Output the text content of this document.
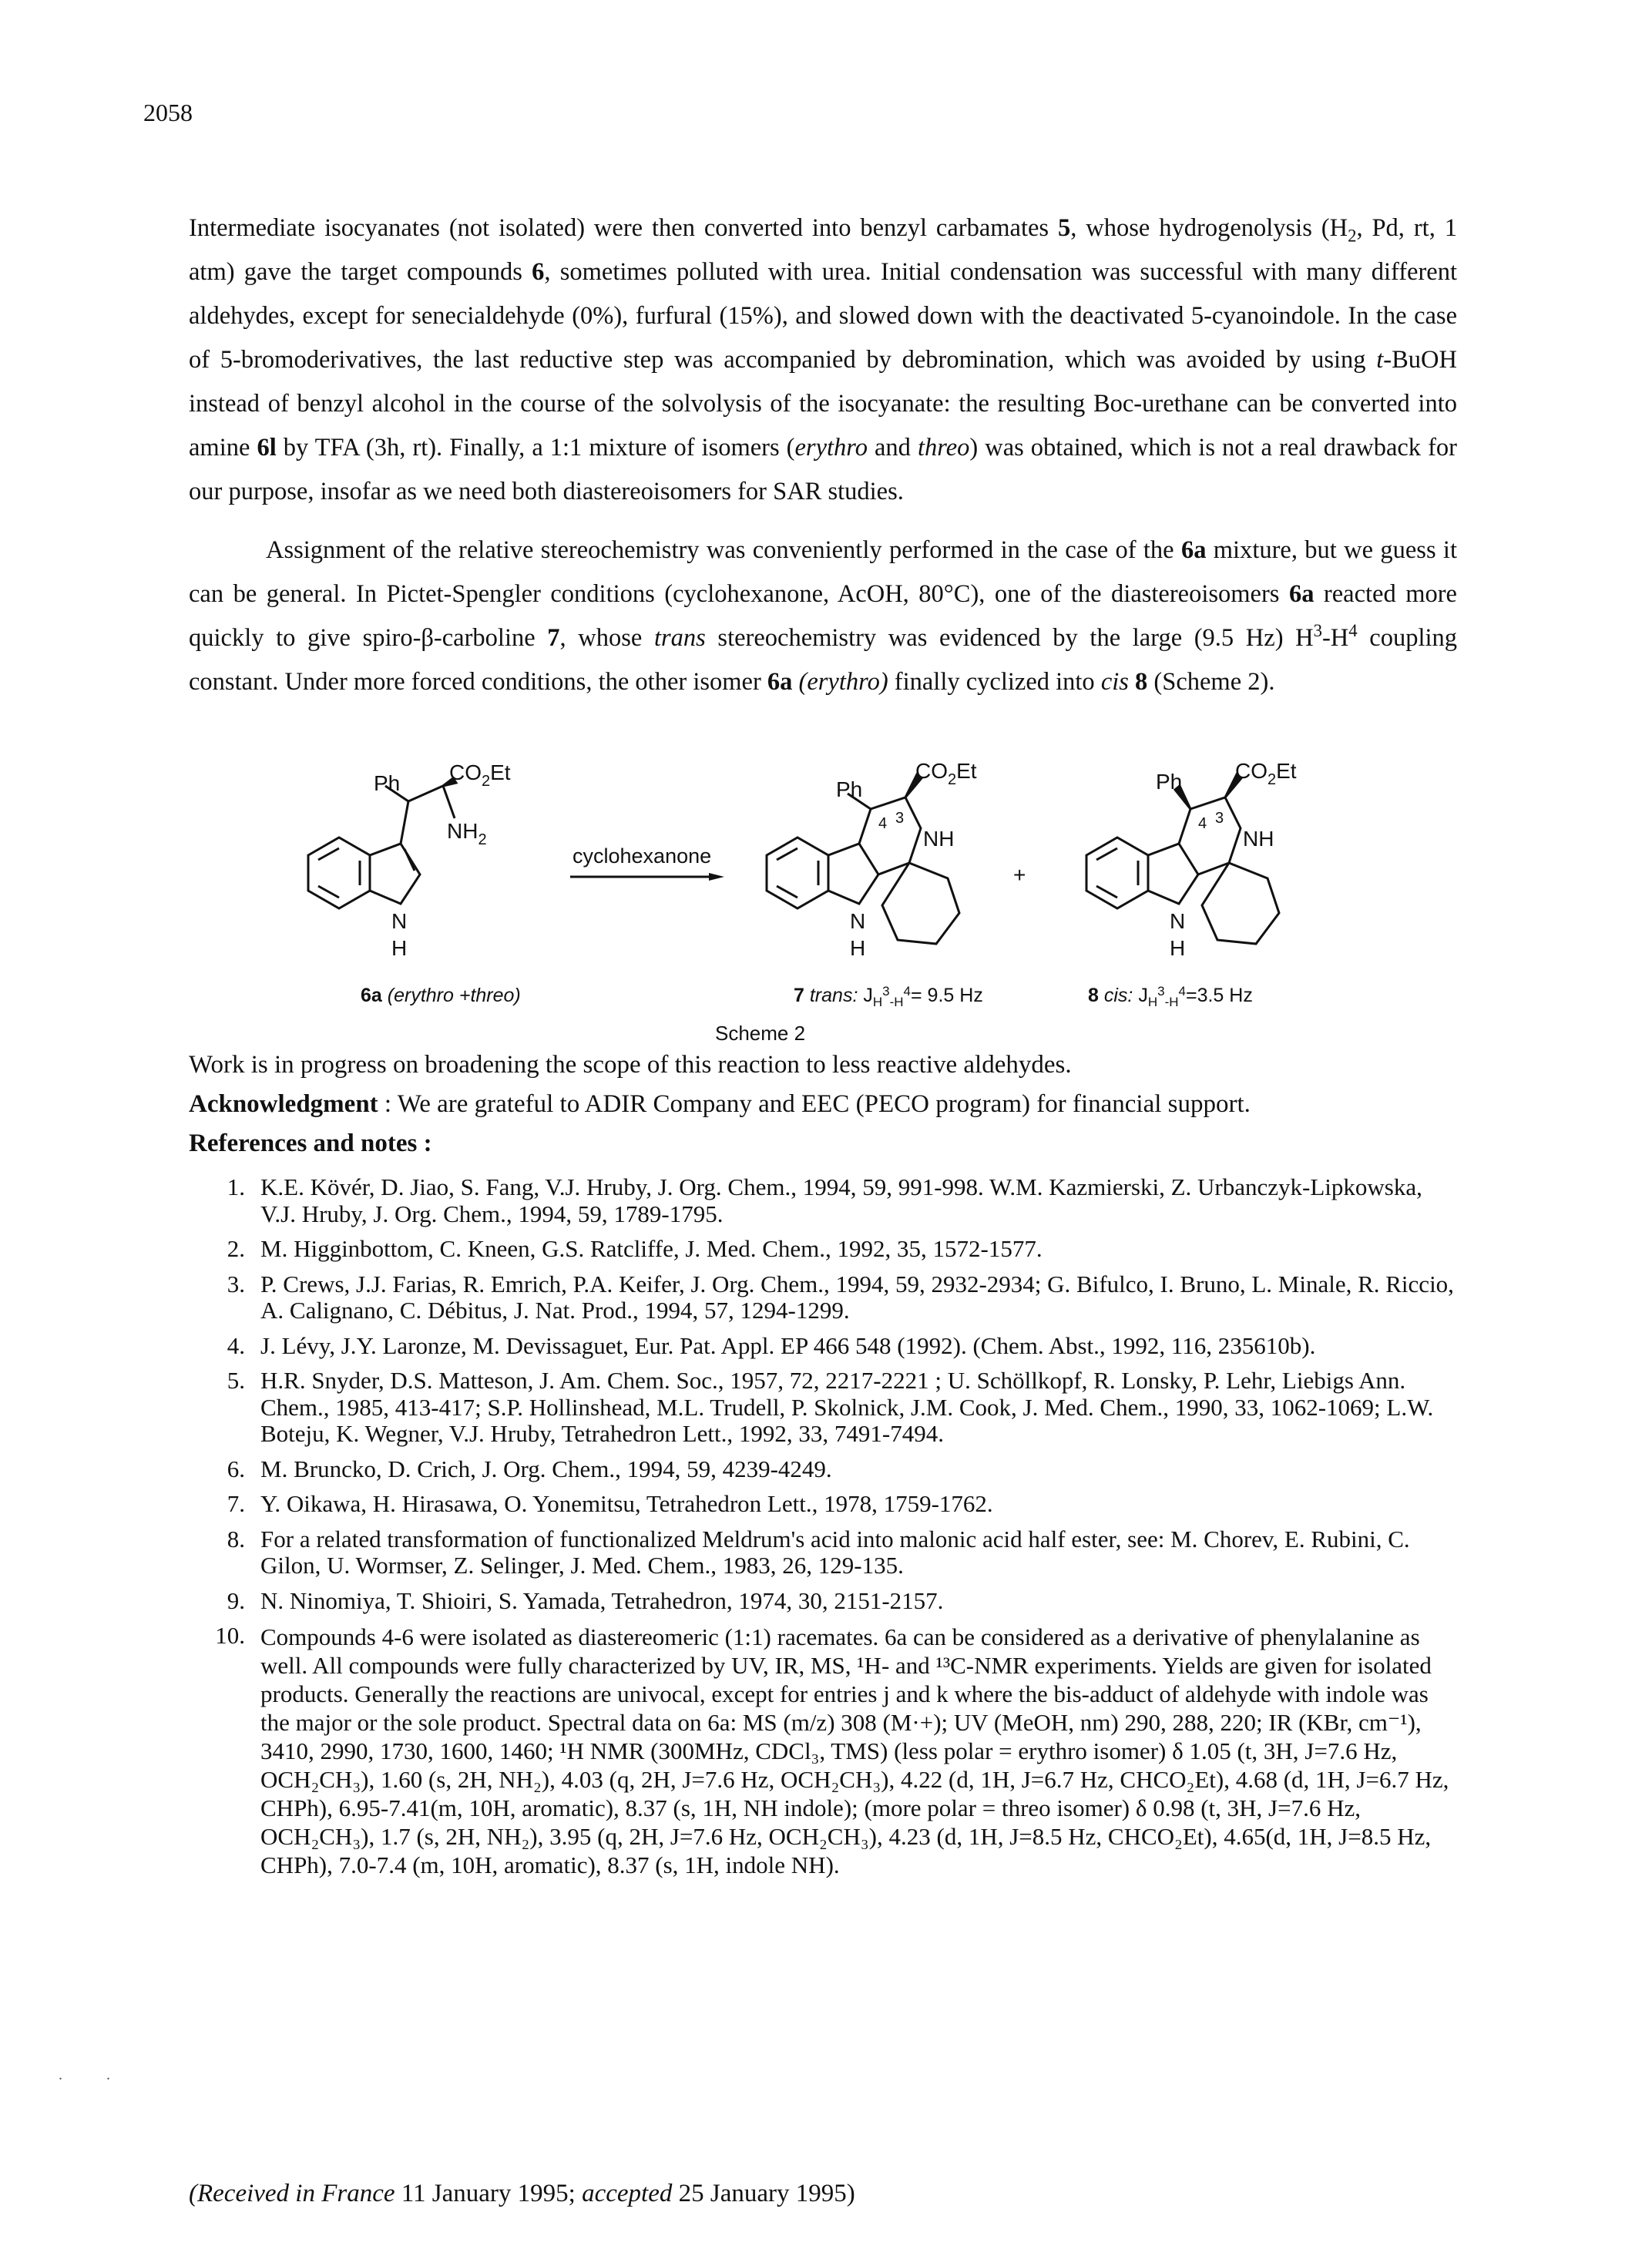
2058

Intermediate isocyanates (not isolated) were then converted into benzyl carbamates 5, whose hydrogenolysis ($H_2$, Pd, rt, 1 atm) gave the target compounds 6, sometimes polluted with urea. Initial condensation was successful with many different aldehydes, except for senecialdehyde (0%), furfural (15%), and slowed down with the deactivated 5-cyanoindole. In the case of 5-bromoderivatives, the last reductive step was accompanied by debromination, which was avoided by using t-BuOH instead of benzyl alcohol in the course of the solvolysis of the isocyanate: the resulting Boc-urethane can be converted into amine 6l by TFA (3h, rt). Finally, a 1:1 mixture of isomers (erythro and threo) was obtained, which is not a real drawback for our purpose, insofar as we need both diastereoisomers for SAR studies.

Assignment of the relative stereochemistry was conveniently performed in the case of the 6a mixture, but we guess it can be general. In Pictet-Spengler conditions (cyclohexanone, AcOH, 80°C), one of the diastereoisomers 6a reacted more quickly to give spiro-β-carboline 7, whose trans stereochemistry was evidenced by the large (9.5 Hz) $H^3-H^4$ coupling constant. Under more forced conditions, the other isomer 6a (erythro) finally cyclized into cis 8 (Scheme 2).

Ph $CO_2Et$
$NH_2$
N
H
6a (erythro +threo)
cyclohexanone
Ph
$CO_2Et$
4 3
NH
N
H
7 trans: $J_H^3_{-H}^4= 9.5$ Hz
+
Ph $CO_2Et$
4 3
NH
N
H
8 cis: $J_H^3_{-H}^4=3.5$ Hz
Scheme 2

Work is in progress on broadening the scope of this reaction to less reactive aldehydes.

Acknowledgment : We are grateful to ADIR Company and EEC (PECO program) for financial support.

References and notes :
1. K.E. Kövér, D. Jiao, S. Fang, V.J. Hruby, J. Org. Chem., 1994, 59, 991-998. W.M. Kazmierski, Z. Urbanczyk-Lipkowska, V.J. Hruby, J. Org. Chem., 1994, 59, 1789-1795.
2. M. Higginbottom, C. Kneen, G.S. Ratcliffe, J. Med. Chem., 1992, 35, 1572-1577.
3. P. Crews, J.J. Farias, R. Emrich, P.A. Keifer, J. Org. Chem., 1994, 59, 2932-2934; G. Bifulco, I. Bruno, L. Minale, R. Riccio, A. Calignano, C. Débitus, J. Nat. Prod., 1994, 57, 1294-1299.
4. J. Lévy, J.Y. Laronze, M. Devissaguet, Eur. Pat. Appl. EP 466 548 (1992). (Chem. Abst., 1992, 116, 235610b).
5. H.R. Snyder, D.S. Matteson, J. Am. Chem. Soc., 1957, 72, 2217-2221 ; U. Schöllkopf, R. Lonsky, P. Lehr, Liebigs Ann. Chem., 1985, 413-417; S.P. Hollinshead, M.L. Trudell, P. Skolnick, J.M. Cook, J. Med. Chem., 1990, 33, 1062-1069; L.W. Boteju, K. Wegner, V.J. Hruby, Tetrahedron Lett., 1992, 33, 7491-7494.
6. M. Bruncko, D. Crich, J. Org. Chem., 1994, 59, 4239-4249.
7. Y. Oikawa, H. Hirasawa, O. Yonemitsu, Tetrahedron Lett., 1978, 1759-1762.
8. For a related transformation of functionalized Meldrum's acid into malonic acid half ester, see: M. Chorev, E. Rubini, C. Gilon, U. Wormser, Z. Selinger, J. Med. Chem., 1983, 26, 129-135.
9. N. Ninomiya, T. Shioiri, S. Yamada, Tetrahedron, 1974, 30, 2151-2157.
10. Compounds 4-6 were isolated as diastereomeric (1:1) racemates. 6a can be considered as a derivative of phenylalanine as well. All compounds were fully characterized by UV, IR, MS, ¹H- and ¹³C-NMR experiments. Yields are given for isolated products. Generally the reactions are univocal, except for entries j and k where the bis-adduct of aldehyde with indole was the major or the sole product. Spectral data on 6a: MS (m/z) 308 (M·+); UV (MeOH, nm) 290, 288, 220; IR (KBr, cm⁻¹), 3410, 2990, 1730, 1600, 1460; ¹H NMR (300MHz, CDCl₃, TMS) (less polar = erythro isomer) δ 1.05 (t, 3H, J=7.6 Hz, OCH₂CH₃), 1.60 (s, 2H, NH₂), 4.03 (q, 2H, J=7.6 Hz, OCH₂CH₃), 4.22 (d, 1H, J=6.7 Hz, CHCO₂Et), 4.68 (d, 1H, J=6.7 Hz, CHPh), 6.95-7.41(m, 10H, aromatic), 8.37 (s, 1H, NH indole); (more polar = threo isomer) δ 0.98 (t, 3H, J=7.6 Hz, OCH₂CH₃), 1.7 (s, 2H, NH₂), 3.95 (q, 2H, J=7.6 Hz, OCH₂CH₃), 4.23 (d, 1H, J=8.5 Hz, CHCO₂Et), 4.65(d, 1H, J=8.5 Hz, CHPh), 7.0-7.4 (m, 10H, aromatic), 8.37 (s, 1H, indole NH).
. .
(Received in France 11 January 1995; accepted 25 January 1995)
